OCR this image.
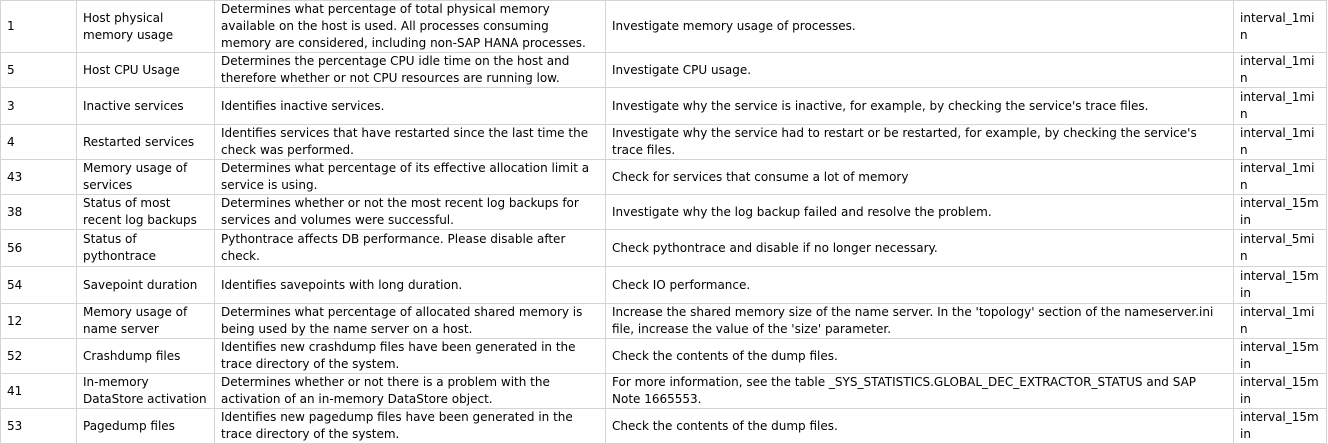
1	Host physical memory usage	Determines what percentage of total physical memory available on the host is used. All processes consuming memory are considered, including non-SAP HANA processes.	Investigate memory usage of processes.	interval_1min
5	Host CPU Usage	Determines the percentage CPU idle time on the host and therefore whether or not CPU resources are running low.	Investigate CPU usage.	interval_1min
3	Inactive services	Identifies inactive services.	Investigate why the service is inactive, for example, by checking the service's trace files.	interval_1min
4	Restarted services	Identifies services that have restarted since the last time the check was performed.	Investigate why the service had to restart or be restarted, for example, by checking the service's trace files.	interval_1min
43	Memory usage of services	Determines what percentage of its effective allocation limit a service is using.	Check for services that consume a lot of memory	interval_1min
38	Status of most recent log backups	Determines whether or not the most recent log backups for services and volumes were successful.	Investigate why the log backup failed and resolve the problem.	interval_15min
56	Status of pythontrace	Pythontrace affects DB performance. Please disable after check.	Check pythontrace and disable if no longer necessary.	interval_5min
54	Savepoint duration	Identifies savepoints with long duration.	Check IO performance.	interval_15min
12	Memory usage of name server	Determines what percentage of allocated shared memory is being used by the name server on a host.	Increase the shared memory size of the name server. In the 'topology' section of the nameserver.ini file, increase the value of the 'size' parameter.	interval_1min
52	Crashdump files	Identifies new crashdump files have been generated in the trace directory of the system.	Check the contents of the dump files.	interval_15min
41	In-memory DataStore activation	Determines whether or not there is a problem with the activation of an in-memory DataStore object.	For more information, see the table _SYS_STATISTICS.GLOBAL_DEC_EXTRACTOR_STATUS and SAP Note 1665553.	interval_15min
53	Pagedump files	Identifies new pagedump files have been generated in the trace directory of the system.	Check the contents of the dump files.	interval_15min
